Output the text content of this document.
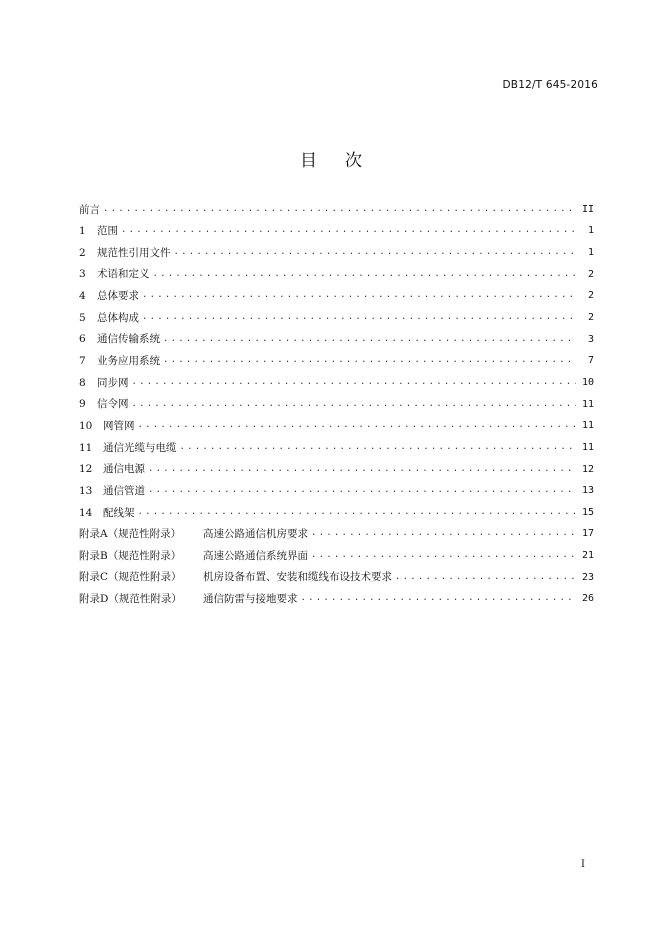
DB12/T 645-2016
目 次
前言 .....	II
1	范围 .....	1
2	规范性引用文件 .....	1
3	术语和定义 .....	2
4	总体要求 .....	2
5	总体构成 .....	2
6	通信传输系统 .....	3
7	业务应用系统 .....	7
8	同步网 .....	10
9	信令网 .....	11
10	网管网 .....	11
11	通信光缆与电缆 .....	11
12	通信电源 .....	12
13	通信管道 .....	13
14	配线架 .....	15
附录A（规范性附录）	高速公路通信机房要求 .....	17
附录B（规范性附录）	高速公路通信系统界面 .....	21
附录C（规范性附录）	机房设备布置、安装和缆线布设技术要求 .....	23
附录D（规范性附录）	通信防雷与接地要求 .....	26
I
